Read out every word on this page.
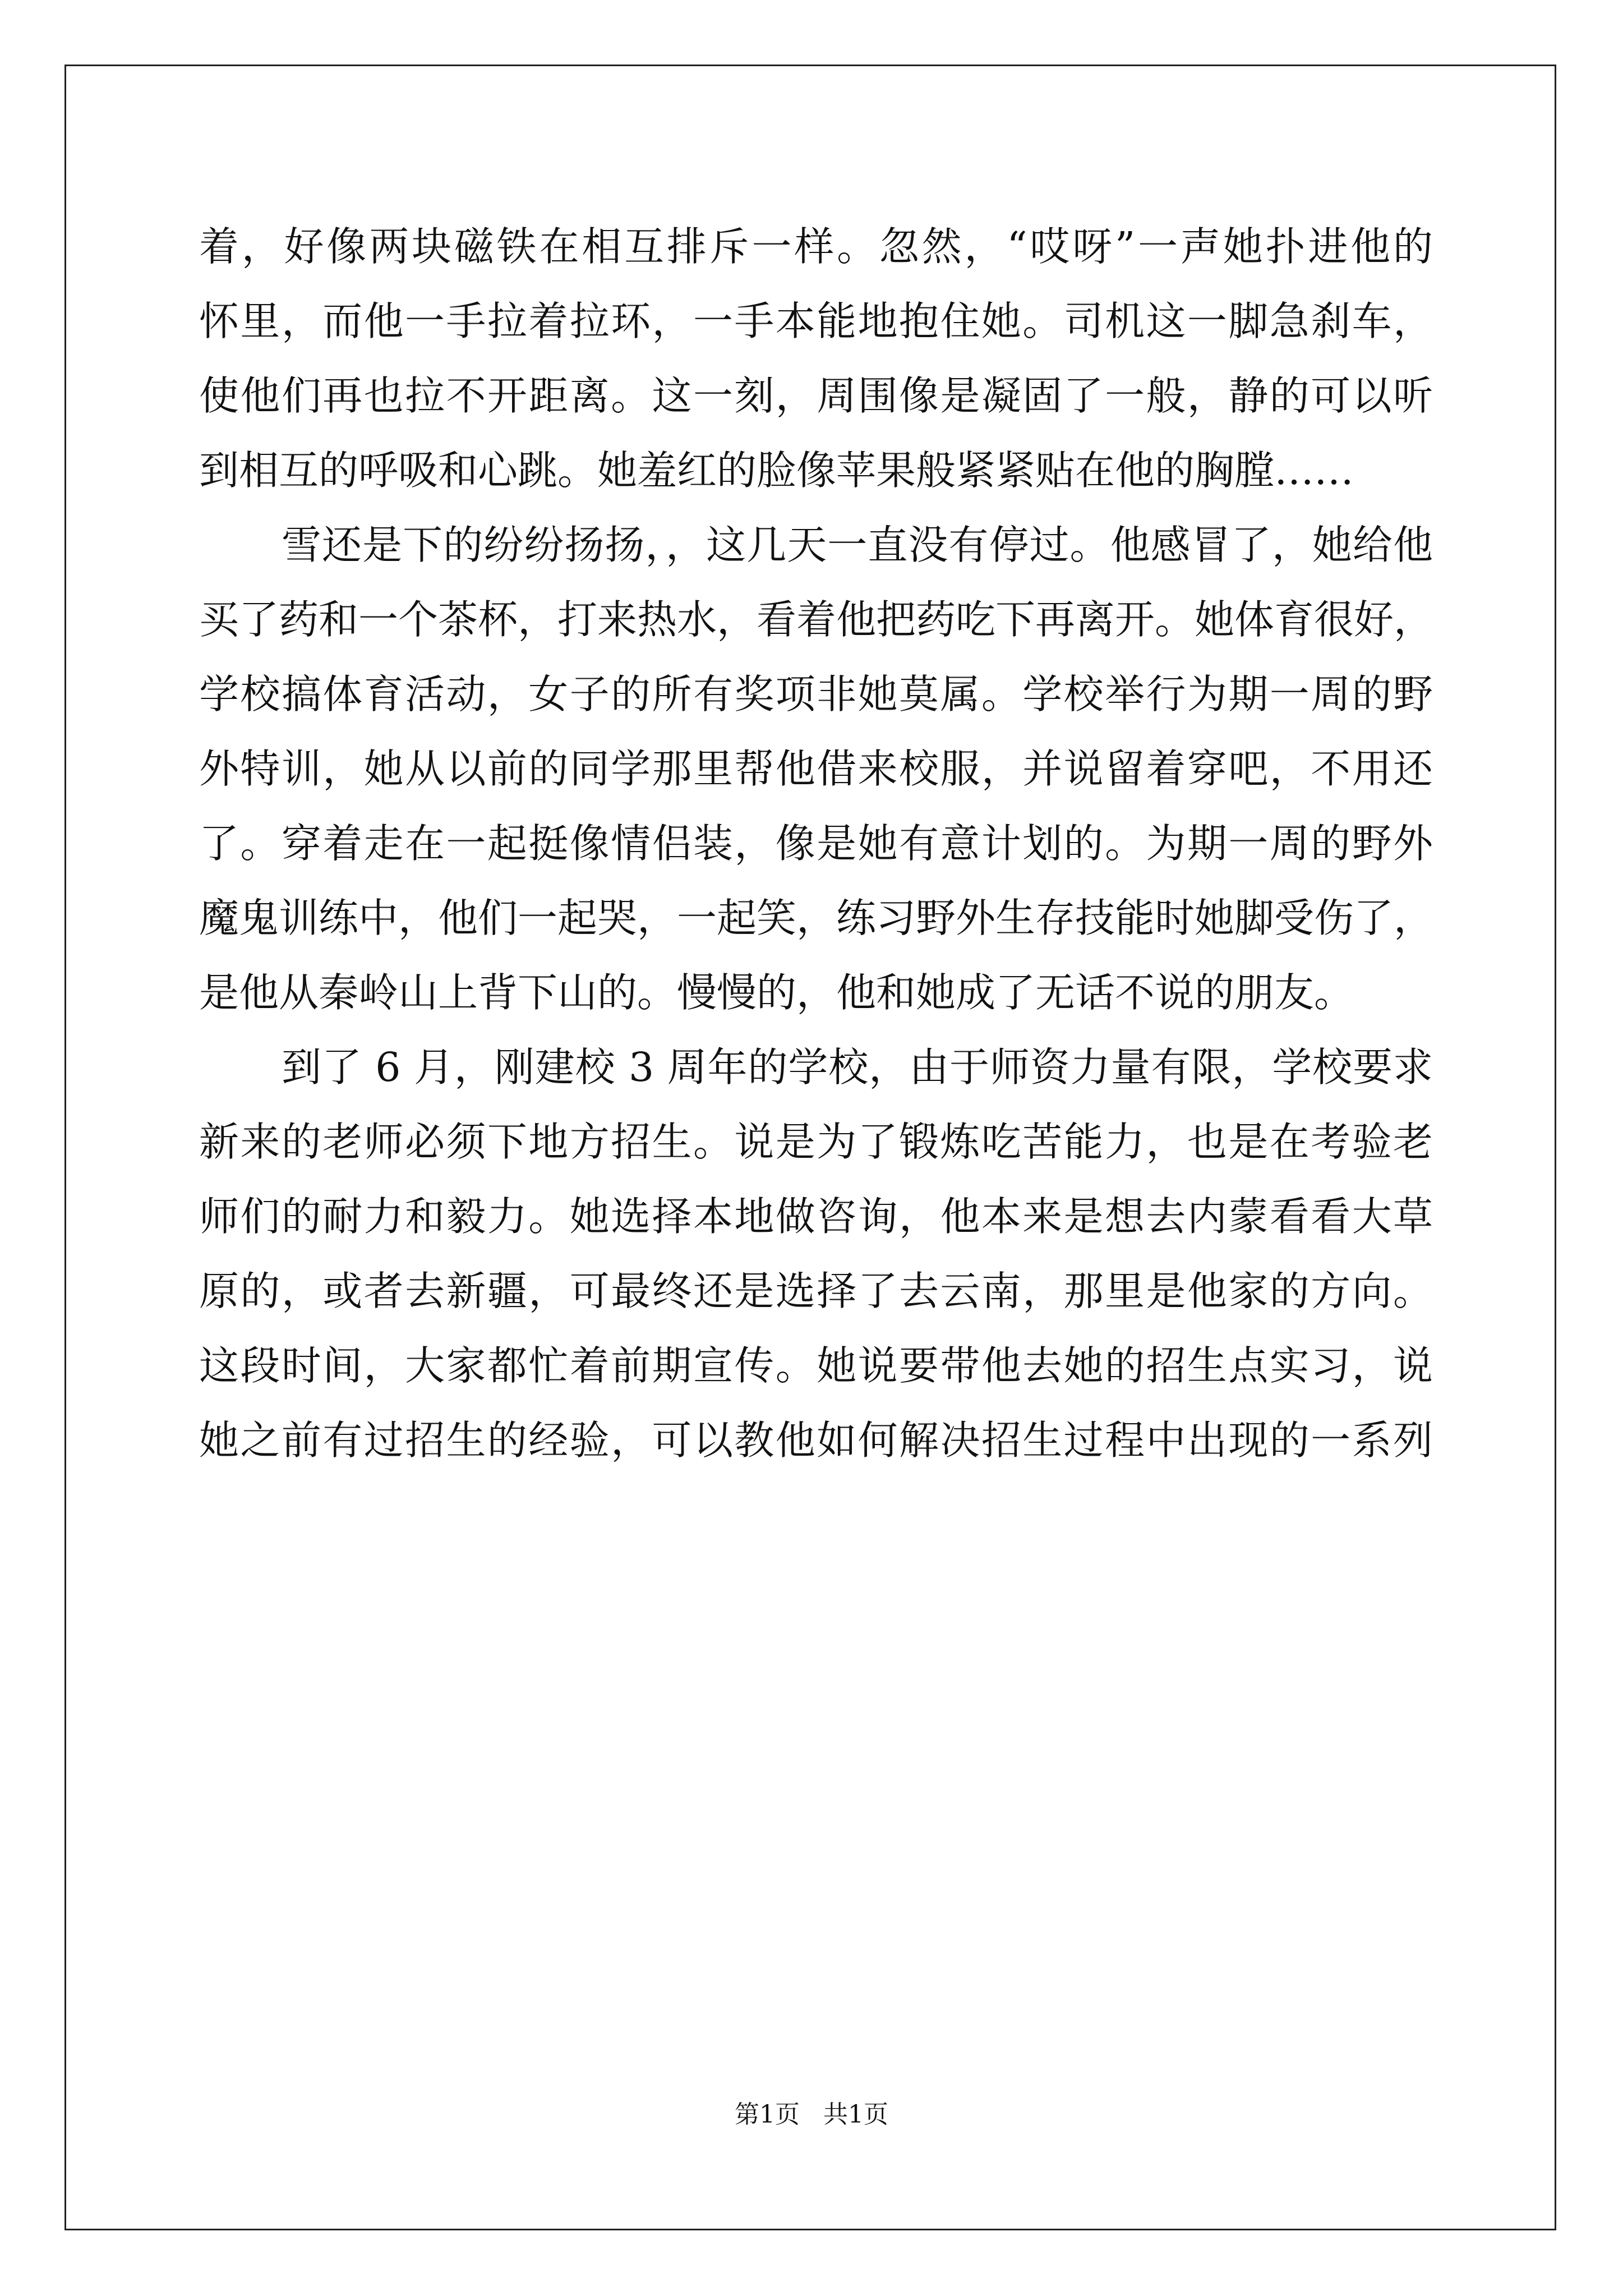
着，好像两块磁铁在相互排斥一样。忽然，“哎呀”一声她扑进他的
怀里，而他一手拉着拉环，一手本能地抱住她。司机这一脚急刹车，
使他们再也拉不开距离。这一刻，周围像是凝固了一般，静的可以听
到相互的呼吸和心跳。她羞红的脸像苹果般紧紧贴在他的胸膛……
雪还是下的纷纷扬扬，，这几天一直没有停过。他感冒了，她给他
买了药和一个茶杯，打来热水，看着他把药吃下再离开。她体育很好，
学校搞体育活动，女子的所有奖项非她莫属。学校举行为期一周的野
外特训，她从以前的同学那里帮他借来校服，并说留着穿吧，不用还
了。穿着走在一起挺像情侣装，像是她有意计划的。为期一周的野外
魔鬼训练中，他们一起哭，一起笑，练习野外生存技能时她脚受伤了，
是他从秦岭山上背下山的。慢慢的，他和她成了无话不说的朋友。
到了 6 月，刚建校 3 周年的学校，由于师资力量有限，学校要求
新来的老师必须下地方招生。说是为了锻炼吃苦能力，也是在考验老
师们的耐力和毅力。她选择本地做咨询，他本来是想去内蒙看看大草
原的，或者去新疆，可最终还是选择了去云南，那里是他家的方向。
这段时间，大家都忙着前期宣传。她说要带他去她的招生点实习，说
她之前有过招生的经验，可以教他如何解决招生过程中出现的一系列
第1页   共1页
